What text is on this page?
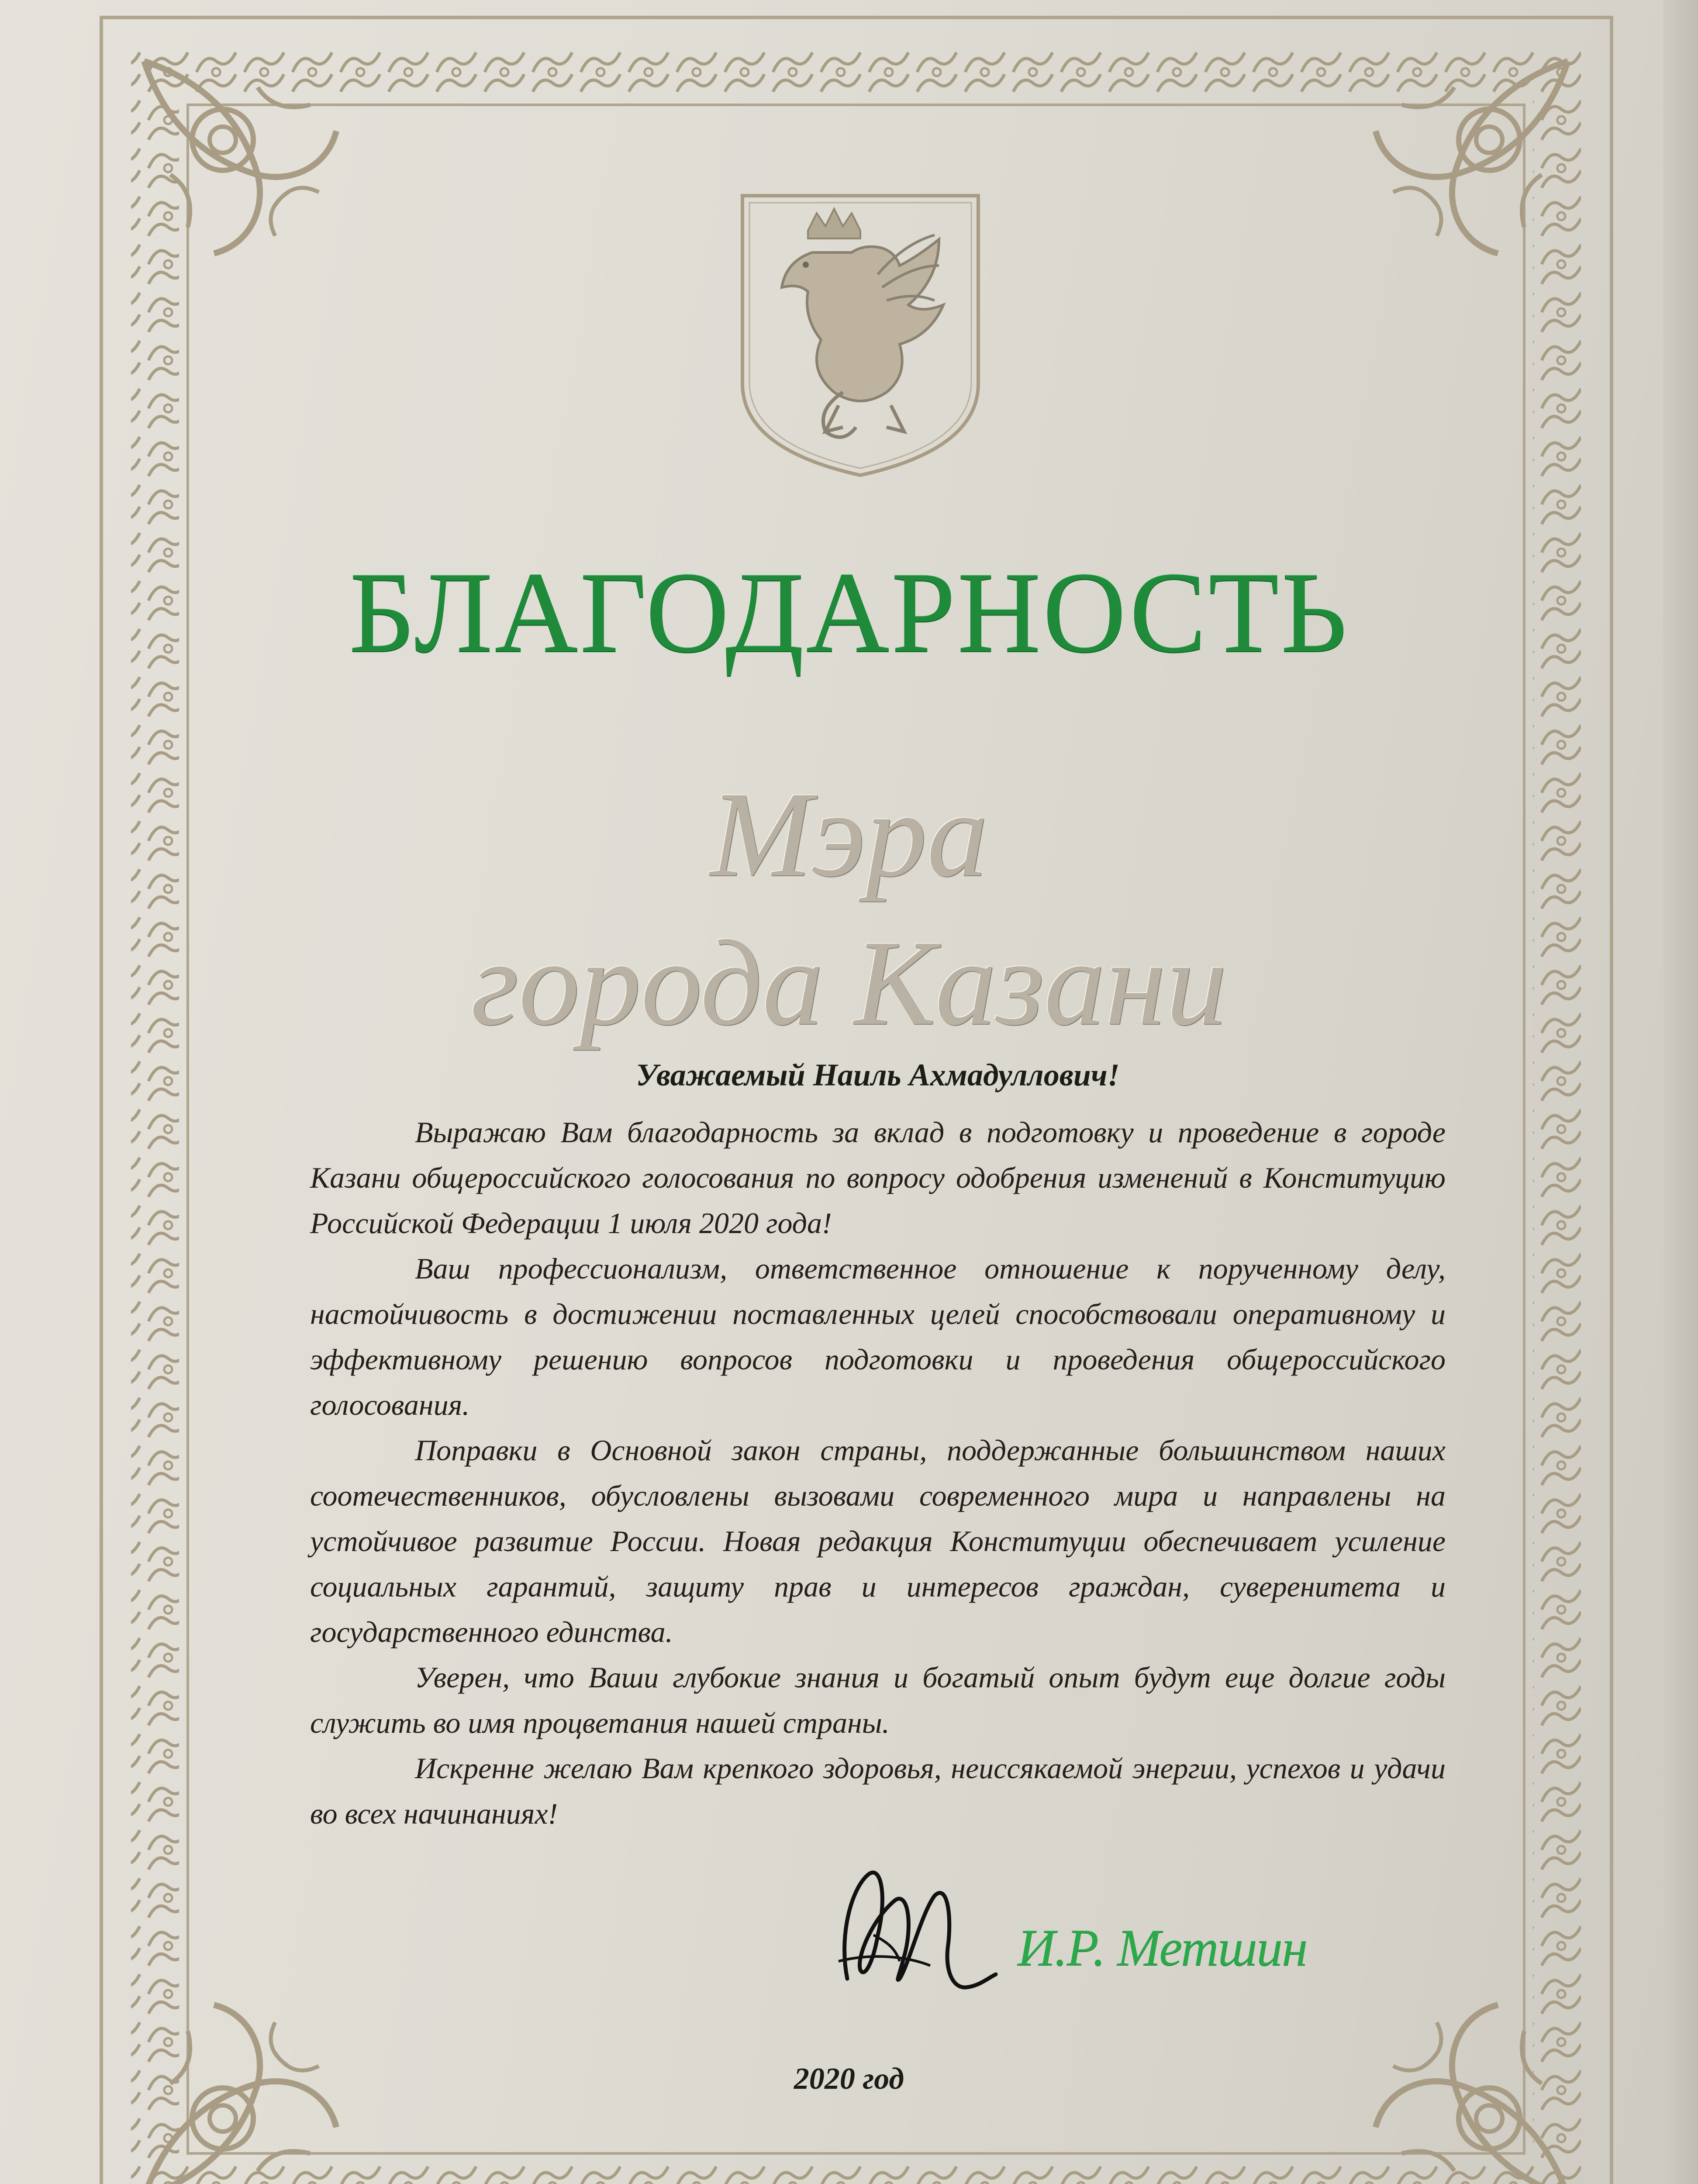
БЛАГОДАРНОСТЬ
Мэра
города Казани
Уважаемый Наиль Ахмадуллович!

Выражаю Вам благодарность за вклад в подготовку и проведение в городе Казани общероссийского голосования по вопросу одобрения изменений в Конституцию Российской Федерации 1 июля 2020 года!

Ваш профессионализм, ответственное отношение к порученному делу, настойчивость в достижении поставленных целей способствовали оперативному и эффективному решению вопросов подготовки и проведения общероссийского голосования.

Поправки в Основной закон страны, поддержанные большинством наших соотечественников, обусловлены вызовами современного мира и направлены на устойчивое развитие России. Новая редакция Конституции обеспечивает усиление социальных гарантий, защиту прав и интересов граждан, суверенитета и государственного единства.

Уверен, что Ваши глубокие знания и богатый опыт будут еще долгие годы служить во имя процветания нашей страны.

Искренне желаю Вам крепкого здоровья, неиссякаемой энергии, успехов и удачи во всех начинаниях!

И.Р. Метшин
2020 год
